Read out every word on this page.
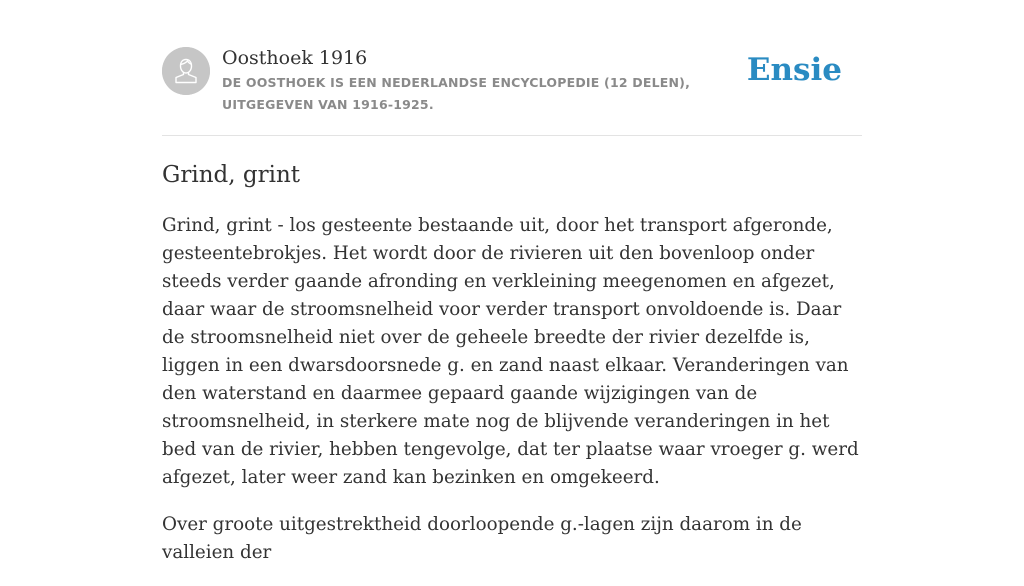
Oosthoek 1916
DE OOSTHOEK IS EEN NEDERLANDSE ENCYCLOPEDIE (12 DELEN), UITGEGEVEN VAN 1916-1925.
Ensie
Grind, grint

Grind, grint - los gesteente bestaande uit, door het transport afgeronde, gesteentebrokjes. Het wordt door de rivieren uit den bovenloop onder steeds verder gaande afronding en verkleining meegenomen en afgezet, daar waar de stroomsnelheid voor verder transport onvoldoende is. Daar de stroomsnelheid niet over de geheele breedte der rivier dezelfde is, liggen in een dwarsdoorsnede g. en zand naast elkaar. Veranderingen van den waterstand en daarmee gepaard gaande wijzigingen van de stroomsnelheid, in sterkere mate nog de blijvende veranderingen in het bed van de rivier, hebben tengevolge, dat ter plaatse waar vroeger g. werd afgezet, later weer zand kan bezinken en omgekeerd.

Over groote uitgestrektheid doorloopende g.-lagen zijn daarom in de valleien der
